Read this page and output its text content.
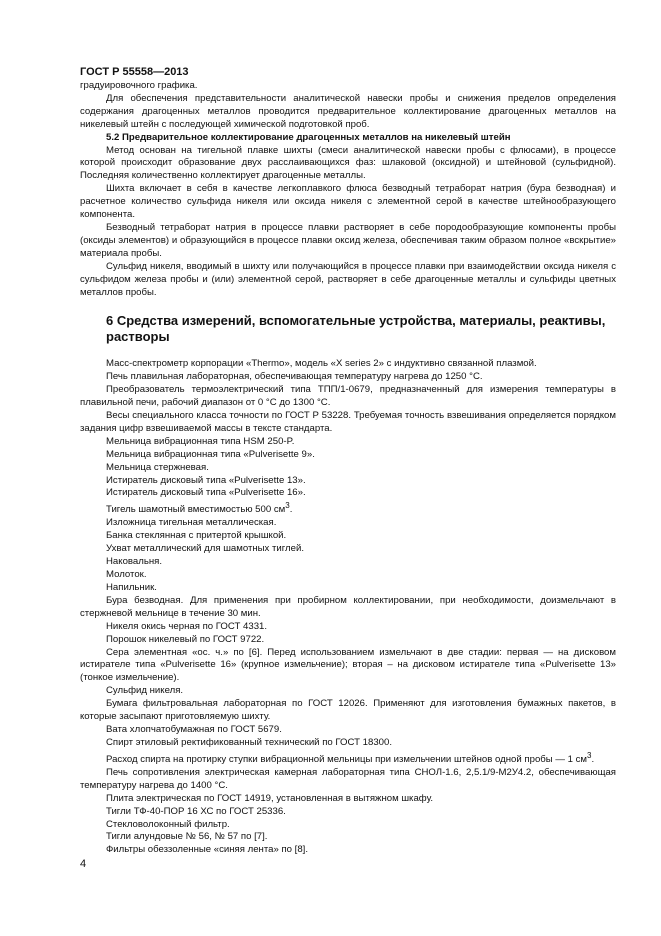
ГОСТ Р 55558—2013

градуировочного графика.

Для обеспечения представительности аналитической навески пробы и снижения пределов определения содержания драгоценных металлов проводится предварительное коллектирование драгоценных металлов на никелевый штейн с последующей химической подготовкой проб.

5.2 Предварительное коллектирование драгоценных металлов на никелевый штейн

Метод основан на тигельной плавке шихты (смеси аналитической навески пробы с флюсами), в процессе которой происходит образование двух расслаивающихся фаз: шлаковой (оксидной) и штейновой (сульфидной). Последняя количественно коллектирует драгоценные металлы.

Шихта включает в себя в качестве легкоплавкого флюса безводный тетраборат натрия (бура безводная) и расчетное количество сульфида никеля или оксида никеля с элементной серой в качестве штейнообразующего компонента.

Безводный тетраборат натрия в процессе плавки растворяет в себе породообразующие компоненты пробы (оксиды элементов) и образующийся в процессе плавки оксид железа, обеспечивая таким образом полное «вскрытие» материала пробы.

Сульфид никеля, вводимый в шихту или получающийся в процессе плавки при взаимодействии оксида никеля с сульфидом железа пробы и (или) элементной серой, растворяет в себе драгоценные металлы и сульфиды цветных металлов пробы.

6 Средства измерений, вспомогательные устройства, материалы, реактивы, растворы

Масс-спектрометр корпорации «Thermo», модель «X series 2» с индуктивно связанной плазмой.

Печь плавильная лабораторная, обеспечивающая температуру нагрева до 1250 °С.

Преобразователь термоэлектрический типа ТПП/1-0679, предназначенный для измерения температуры в плавильной печи, рабочий диапазон от 0 °С до 1300 °С.

Весы специального класса точности по ГОСТ Р 53228. Требуемая точность взвешивания определяется порядком задания цифр взвешиваемой массы в тексте стандарта.

Мельница вибрационная типа HSM 250-P.

Мельница вибрационная типа «Pulverisette 9».

Мельница стержневая.

Истиратель дисковый типа «Pulverisette 13».

Истиратель дисковый типа «Pulverisette 16».

Тигель шамотный вместимостью 500 $см^3$.

Изложница тигельная металлическая.

Банка стеклянная с притертой крышкой.

Ухват металлический для шамотных тиглей.

Наковальня.

Молоток.

Напильник.

Бура безводная. Для применения при пробирном коллектировании, при необходимости, доизмельчают в стержневой мельнице в течение 30 мин.

Никеля окись черная по ГОСТ 4331.

Порошок никелевый по ГОСТ 9722.

Сера элементная «ос. ч.» по [6]. Перед использованием измельчают в две стадии: первая — на дисковом истирателе типа «Pulverisette 16» (крупное измельчение); вторая – на дисковом истирателе типа «Pulverisette 13» (тонкое измельчение).

Сульфид никеля.

Бумага фильтровальная лабораторная по ГОСТ 12026. Применяют для изготовления бумажных пакетов, в которые засыпают приготовляемую шихту.

Вата хлопчатобумажная по ГОСТ 5679.

Спирт этиловый ректификованный технический по ГОСТ 18300.

Расход спирта на протирку ступки вибрационной мельницы при измельчении штейнов одной пробы — 1 $см^3$.

Печь сопротивления электрическая камерная лабораторная типа СНОЛ-1.6, 2,5.1/9-М2У4.2, обеспечивающая температуру нагрева до 1400 °С.

Плита электрическая по ГОСТ 14919, установленная в вытяжном шкафу.

Тигли ТФ-40-ПОР 16 ХС по ГОСТ 25336.

Стекловолоконный фильтр.

Тигли алундовые № 56, № 57 по [7].

Фильтры обеззоленные «синяя лента» по [8].

4
